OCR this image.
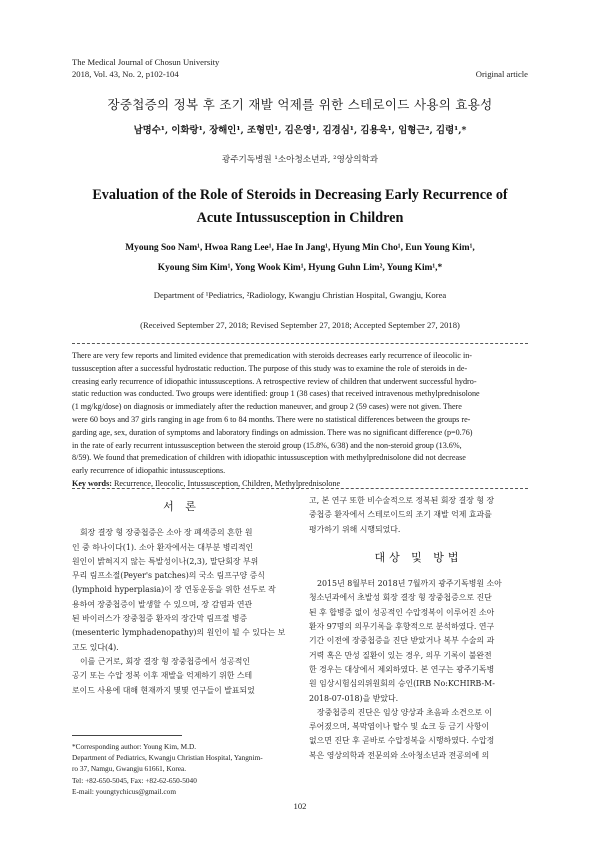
The Medical Journal of Chosun University
2018, Vol. 43, No. 2, p102-104	Original article
장중첩증의 정복 후 조기 재발 억제를 위한 스테로이드 사용의 효용성
남명수¹, 이화랑¹, 장해인¹, 조형민¹, 김은영¹, 김경심¹, 김용욱¹, 임형근², 김령¹,*
광주기독병원 ¹소아청소년과, ²영상의학과
Evaluation of the Role of Steroids in Decreasing Early Recurrence of
Acute Intussusception in Children
Myoung Soo Nam¹, Hwoa Rang Lee¹, Hae In Jang¹, Hyung Min Cho¹, Eun Young Kim¹,
Kyoung Sim Kim¹, Yong Wook Kim¹, Hyung Guhn Lim², Young Kim¹,*
Department of ¹Pediatrics, ²Radiology, Kwangju Christian Hospital, Gwangju, Korea
(Received September 27, 2018; Revised September 27, 2018; Accepted September 27, 2018)
There are very few reports and limited evidence that premedication with steroids decreases early recurrence of ileocolic in-
tussusception after a successful hydrostatic reduction. The purpose of this study was to examine the role of steroids in de-
creasing early recurrence of idiopathic intussusceptions. A retrospective review of children that underwent successful hydro-
static reduction was conducted. Two groups were identified: group 1 (38 cases) that received intravenous methylprednisolone
(1 mg/kg/dose) on diagnosis or immediately after the reduction maneuver, and group 2 (59 cases) were not given. There
were 60 boys and 37 girls ranging in age from 6 to 84 months. There were no statistical differences between the groups re-
garding age, sex, duration of symptoms and laboratory findings on admission. There was no significant difference (p=0.76)
in the rate of early recurrent intussusception between the steroid group (15.8%, 6/38) and the non-steroid group (13.6%,
8/59). We found that premedication of children with idiopathic intussusception with methylprednisolone did not decrease
early recurrence of idiopathic intussusceptions.
Key words: Recurrence, Ileocolic, Intussusception, Children, Methylprednisolone
서 론
회장 결장 형 장중첩증은 소아 장 폐색증의 흔한 원
인 중 하나이다(1). 소아 환자에서는 대부분 병리적인
원인이 밝혀지지 않는 특발성이나(2,3), 말단회장 부위
무리 림프소절(Peyer's patches)의 국소 림프구양 증식
(lymphoid hyperplasia)이 장 연동운동을 위한 선두로 작
용하여 장중첩증이 발생할 수 있으며, 장 감염과 연관
된 바이러스가 장중첩증 환자의 장간막 림프절 병증
(mesenteric lymphadenopathy)의 원인이 될 수 있다는 보
고도 있다(4).
이를 근거로, 회장 결장 형 장중첩증에서 성공적인
공기 또는 수압 정복 이후 재발을 억제하기 위한 스테
로이드 사용에 대해 현재까지 몇몇 연구들이 발표되었
고, 본 연구 또한 비수술적으로 정복된 회장 결장 형 장
중첩증 환자에서 스테로이드의 조기 재발 억제 효과를
평가하기 위해 시행되었다.
대상 및 방법
2015년 8월부터 2018년 7월까지 광주기독병원 소아
청소년과에서 초발성 회장 결장 형 장중첩증으로 진단
된 후 합병증 없이 성공적인 수압정복이 이루어진 소아
환자 97명의 의무기록을 후향적으로 분석하였다. 연구
기간 이전에 장중첩증을 진단 받았거나 복부 수술의 과
거력 혹은 만성 질환이 있는 경우, 의무 기록이 불완전
한 경우는 대상에서 제외하였다. 본 연구는 광주기독병
원 임상시험심의위원회의 승인(IRB No:KCHIRB-M-
2018-07-018)을 받았다.
장중첩증의 진단은 임상 양상과 초음파 소견으로 이
루어졌으며, 복막염이나 탈수 및 쇼크 등 금기 사항이
없으면 진단 후 곧바로 수압정복을 시행하였다. 수압정
복은 영상의학과 전문의와 소아청소년과 전공의에 의
*Corresponding author: Young Kim, M.D.
Department of Pediatrics, Kwangju Christian Hospital, Yangnim-
ro 37, Namgu, Gwangju 61661, Korea.
Tel: +82-650-5045, Fax: +82-62-650-5040
E-mail: youngtychicus@gmail.com
102
